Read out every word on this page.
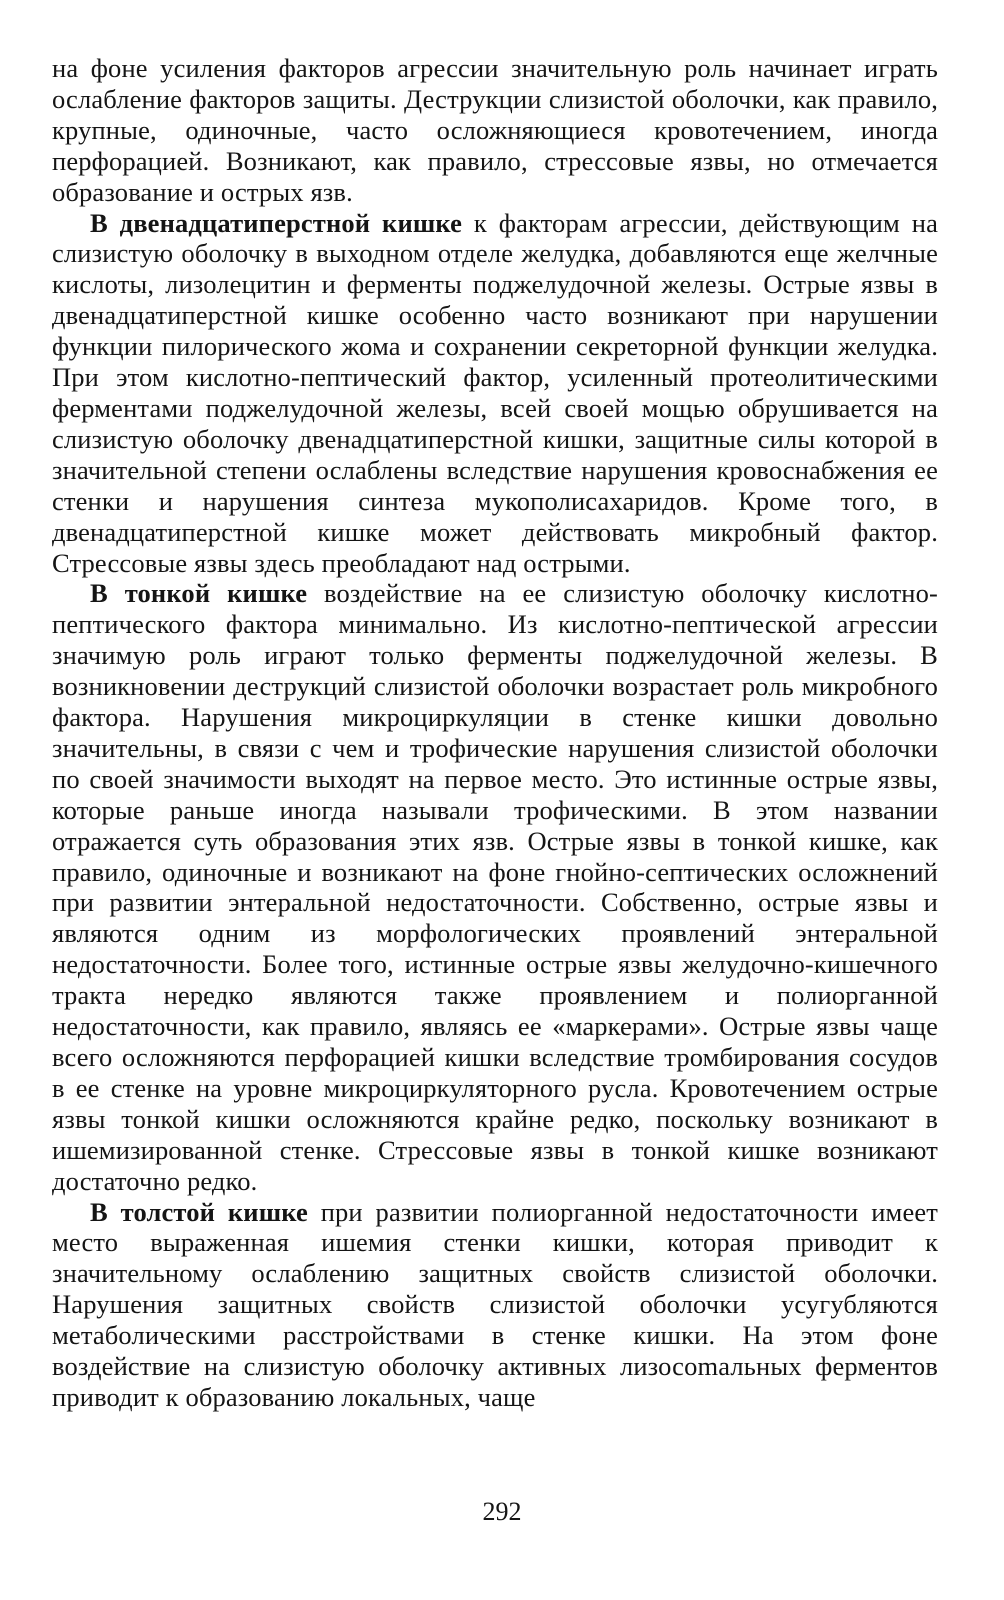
на фоне усиления факторов агрессии значительную роль начинает играть ослабление факторов защиты. Деструкции слизистой оболочки, как правило, крупные, одиночные, часто осложняющиеся кровотечением, иногда перфорацией. Возникают, как правило, стрессовые язвы, но отмечается образование и острых язв.

В двенадцатиперстной кишке к факторам агрессии, действующим на слизистую оболочку в выходном отделе желудка, добавляются еще желчные кислоты, лизолецитин и ферменты поджелудочной железы. Острые язвы в двенадцатиперстной кишке особенно часто возникают при нарушении функции пилорического жома и сохранении секреторной функции желудка. При этом кислотно-пептический фактор, усиленный протеолитическими ферментами поджелудочной железы, всей своей мощью обрушивается на слизистую оболочку двенадцатиперстной кишки, защитные силы которой в значительной степени ослаблены вследствие нарушения кровоснабжения ее стенки и нарушения синтеза мукополисахаридов. Кроме того, в двенадцатиперстной кишке может действовать микробный фактор. Стрессовые язвы здесь преобладают над острыми.

В тонкой кишке воздействие на ее слизистую оболочку кислотно-пептического фактора минимально. Из кислотно-пептической агрессии значимую роль играют только ферменты поджелудочной железы. В возникновении деструкций слизистой оболочки возрастает роль микробного фактора. Нарушения микроциркуляции в стенке кишки довольно значительны, в связи с чем и трофические нарушения слизистой оболочки по своей значимости выходят на первое место. Это истинные острые язвы, которые раньше иногда называли трофическими. В этом названии отражается суть образования этих язв. Острые язвы в тонкой кишке, как правило, одиночные и возникают на фоне гнойно-септических осложнений при развитии энтеральной недостаточности. Собственно, острые язвы и являются одним из морфологических проявлений энтеральной недостаточности. Более того, истинные острые язвы желудочно-кишечного тракта нередко являются также проявлением и полиорганной недостаточности, как правило, являясь ее «маркерами». Острые язвы чаще всего осложняются перфорацией кишки вследствие тромбирования сосудов в ее стенке на уровне микроциркуляторного русла. Кровотечением острые язвы тонкой кишки осложняются крайне редко, поскольку возникают в ишемизированной стенке. Стрессовые язвы в тонкой кишке возникают достаточно редко.

В толстой кишке при развитии полиорганной недостаточности имеет место выраженная ишемия стенки кишки, которая приводит к значительному ослаблению защитных свойств слизистой оболочки. Нарушения защитных свойств слизистой оболочки усугубляются метаболическими расстройствами в стенке кишки. На этом фоне воздействие на слизистую оболочку активных лизосоmальных ферментов приводит к образованию локальных, чаще

292
